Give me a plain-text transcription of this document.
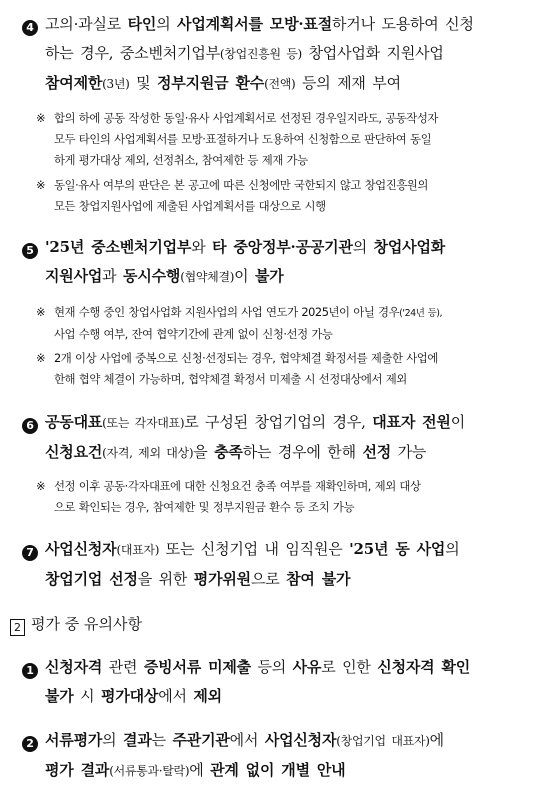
4 고의·과실로 타인의 사업계획서를 모방·표절하거나 도용하여 신청
하는 경우, 중소벤처기업부(창업진흥원 등) 창업사업화 지원사업
참여제한(3년) 및 정부지원금 환수(전액) 등의 제재 부여
※ 합의 하에 공동 작성한 동일·유사 사업계획서로 선정된 경우일지라도, 공동작성자
모두 타인의 사업계획서를 모방·표절하거나 도용하여 신청함으로 판단하여 동일
하게 평가대상 제외, 선정취소, 참여제한 등 제재 가능
※ 동일·유사 여부의 판단은 본 공고에 따른 신청에만 국한되지 않고 창업진흥원의
모든 창업지원사업에 제출된 사업계획서를 대상으로 시행
5 '25년 중소벤처기업부와 타 중앙정부·공공기관의 창업사업화
지원사업과 동시수행(협약체결)이 불가
※ 현재 수행 중인 창업사업화 지원사업의 사업 연도가 2025년이 아닐 경우('24년 등),
사업 수행 여부, 잔여 협약기간에 관계 없이 신청·선정 가능
※ 2개 이상 사업에 중복으로 신청·선정되는 경우, 협약체결 확정서를 제출한 사업에
한해 협약 체결이 가능하며, 협약체결 확정서 미제출 시 선정대상에서 제외
6 공동대표(또는 각자대표)로 구성된 창업기업의 경우, 대표자 전원이
신청요건(자격, 제외 대상)을 충족하는 경우에 한해 선정 가능
※ 선정 이후 공동·각자대표에 대한 신청요건 충족 여부를 재확인하며, 제외 대상
으로 확인되는 경우, 참여제한 및 정부지원금 환수 등 조치 가능
7 사업신청자(대표자) 또는 신청기업 내 임직원은 '25년 동 사업의
창업기업 선정을 위한 평가위원으로 참여 불가
2 평가 중 유의사항
1 신청자격 관련 증빙서류 미제출 등의 사유로 인한 신청자격 확인
불가 시 평가대상에서 제외
2 서류평가의 결과는 주관기관에서 사업신청자(창업기업 대표자)에
평가 결과(서류통과·탈락)에 관계 없이 개별 안내
